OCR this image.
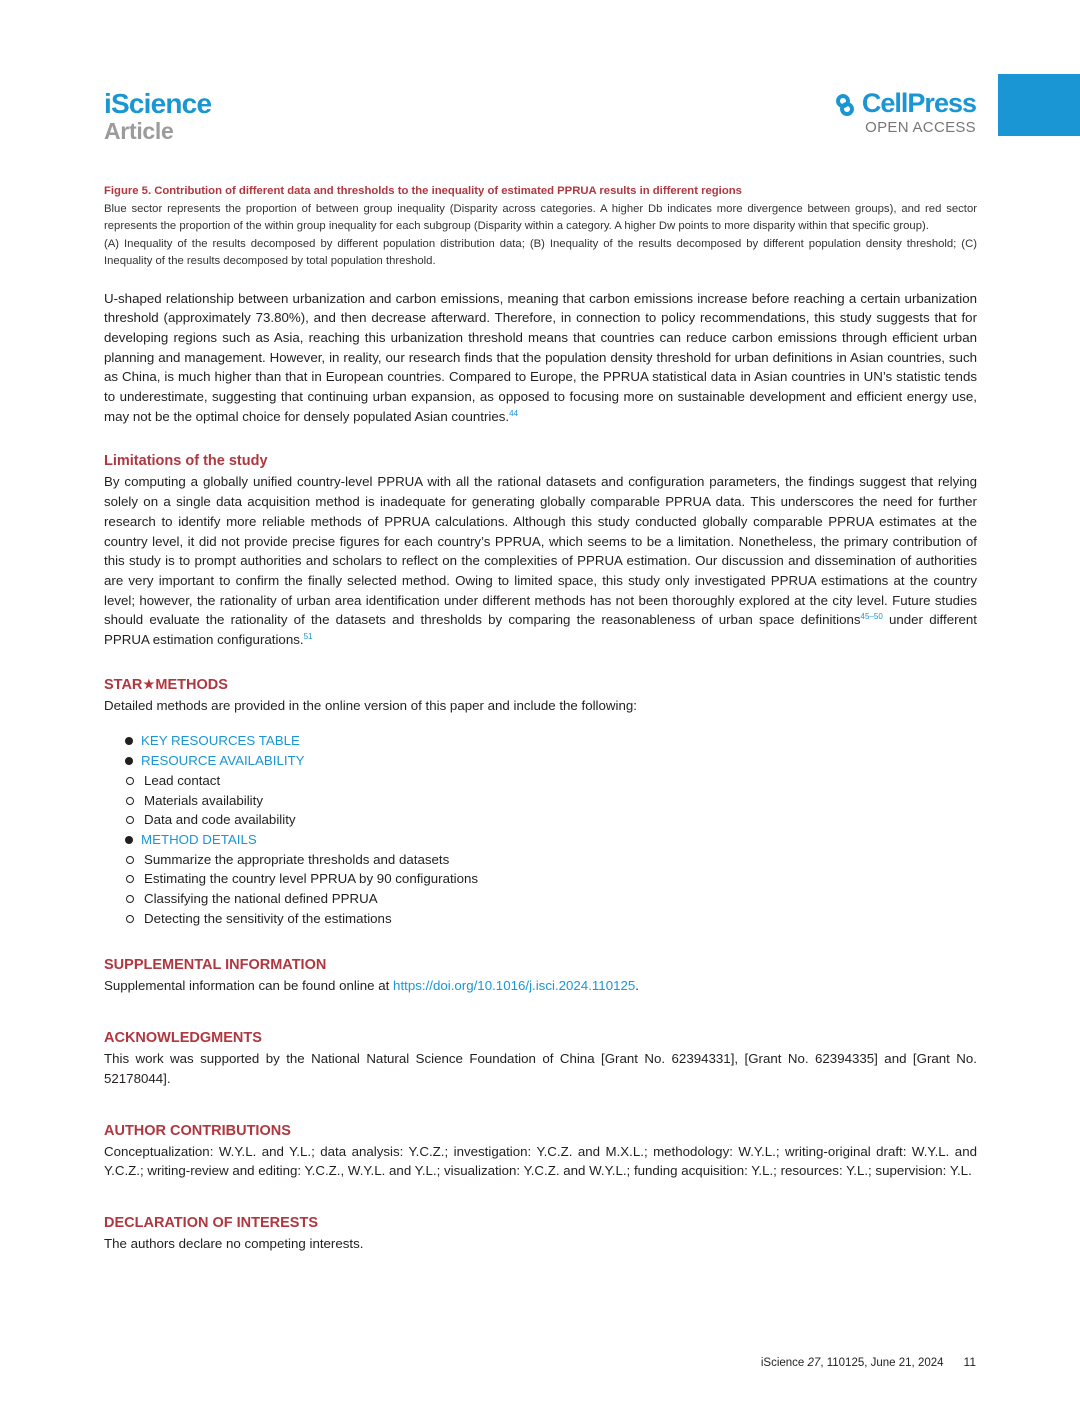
iScience
Article
CellPress
OPEN ACCESS

Figure 5. Contribution of different data and thresholds to the inequality of estimated PPRUA results in different regions

Blue sector represents the proportion of between group inequality (Disparity across categories. A higher Db indicates more divergence between groups), and red sector represents the proportion of the within group inequality for each subgroup (Disparity within a category. A higher Dw points to more disparity within that specific group).

(A) Inequality of the results decomposed by different population distribution data; (B) Inequality of the results decomposed by different population density threshold; (C) Inequality of the results decomposed by total population threshold.

U-shaped relationship between urbanization and carbon emissions, meaning that carbon emissions increase before reaching a certain urbanization threshold (approximately 73.80%), and then decrease afterward. Therefore, in connection to policy recommendations, this study suggests that for developing regions such as Asia, reaching this urbanization threshold means that countries can reduce carbon emissions through efficient urban planning and management. However, in reality, our research finds that the population density threshold for urban definitions in Asian countries, such as China, is much higher than that in European countries. Compared to Europe, the PPRUA statistical data in Asian countries in UN’s statistic tends to underestimate, suggesting that continuing urban expansion, as opposed to focusing more on sustainable development and efficient energy use, may not be the optimal choice for densely populated Asian countries.$^{44}$

Limitations of the study

By computing a globally unified country-level PPRUA with all the rational datasets and configuration parameters, the findings suggest that relying solely on a single data acquisition method is inadequate for generating globally comparable PPRUA data. This underscores the need for further research to identify more reliable methods of PPRUA calculations. Although this study conducted globally comparable PPRUA estimates at the country level, it did not provide precise figures for each country’s PPRUA, which seems to be a limitation. Nonetheless, the primary contribution of this study is to prompt authorities and scholars to reflect on the complexities of PPRUA estimation. Our discussion and dissemination of authorities are very important to confirm the finally selected method. Owing to limited space, this study only investigated PPRUA estimations at the country level; however, the rationality of urban area identification under different methods has not been thoroughly explored at the city level. Future studies should evaluate the rationality of the datasets and thresholds by comparing the reasonableness of urban space definitions$^{45-50}$ under different PPRUA estimation configurations.$^{51}$

STAR★METHODS

Detailed methods are provided in the online version of this paper and include the following:

KEY RESOURCES TABLE
RESOURCE AVAILABILITY
Lead contact
Materials availability
Data and code availability
METHOD DETAILS
Summarize the appropriate thresholds and datasets
Estimating the country level PPRUA by 90 configurations
Classifying the national defined PPRUA
Detecting the sensitivity of the estimations
SUPPLEMENTAL INFORMATION

Supplemental information can be found online at https://doi.org/10.1016/j.isci.2024.110125.

ACKNOWLEDGMENTS

This work was supported by the National Natural Science Foundation of China [Grant No. 62394331], [Grant No. 62394335] and [Grant No. 52178044].

AUTHOR CONTRIBUTIONS

Conceptualization: W.Y.L. and Y.L.; data analysis: Y.C.Z.; investigation: Y.C.Z. and M.X.L.; methodology: W.Y.L.; writing-original draft: W.Y.L. and Y.C.Z.; writing-review and editing: Y.C.Z., W.Y.L. and Y.L.; visualization: Y.C.Z. and W.Y.L.; funding acquisition: Y.L.; resources: Y.L.; supervision: Y.L.

DECLARATION OF INTERESTS

The authors declare no competing interests.

iScience 27, 110125, June 21, 2024 11
